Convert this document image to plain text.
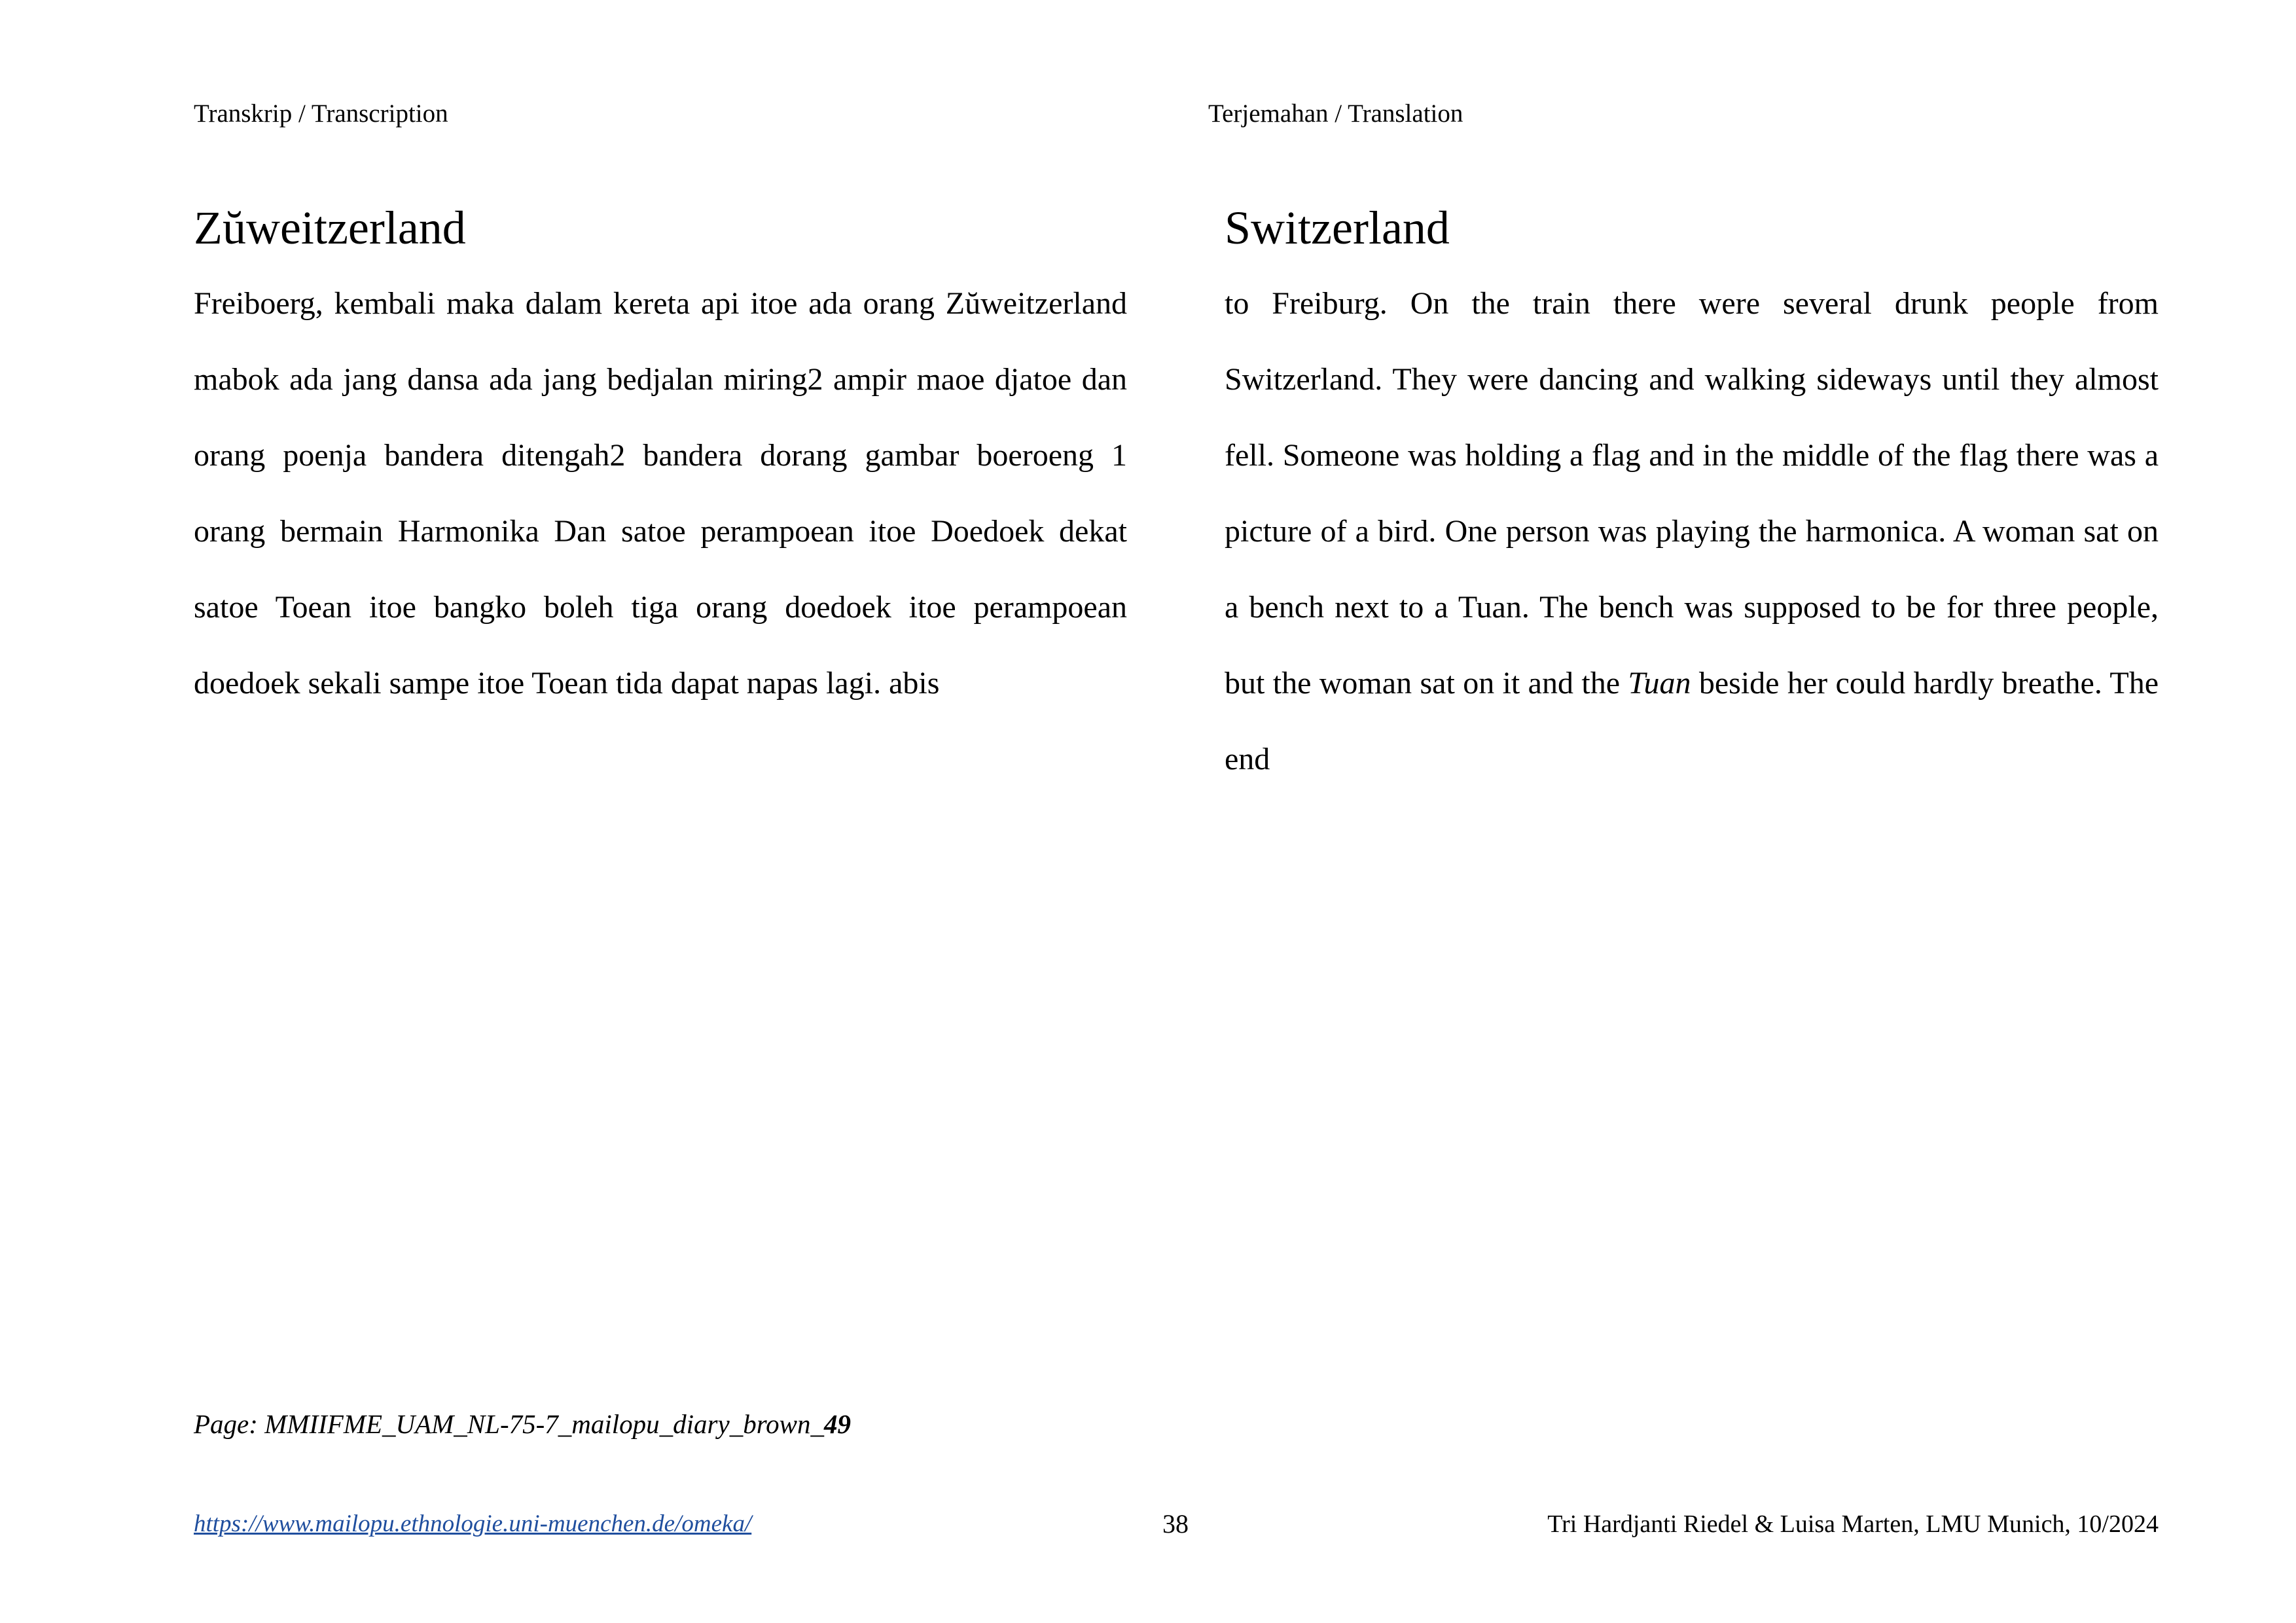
Transkrip / Transcription	Terjemahan / Translation
Zŭweitzerland

Freiboerg, kembali maka dalam kereta api itoe ada orang Zŭweitzerland mabok ada jang dansa ada jang bedjalan miring2 ampir maoe djatoe dan orang poenja bandera ditengah2 bandera dorang gambar boeroeng 1 orang bermain Harmonika Dan satoe perampoean itoe Doedoek dekat satoe Toean itoe bangko boleh tiga orang doedoek itoe perampoean doedoek sekali sampe itoe Toean tida dapat napas lagi. abis

Switzerland

to Freiburg. On the train there were several drunk people from Switzerland. They were dancing and walking sideways until they almost fell. Someone was holding a flag and in the middle of the flag there was a picture of a bird. One person was playing the harmonica. A woman sat on a bench next to a Tuan. The bench was supposed to be for three people, but the woman sat on it and the Tuan beside her could hardly breathe. The end

Page: MMIIFME_UAM_NL-75-7_mailopu_diary_brown_49
https://www.mailopu.ethnologie.uni-muenchen.de/omeka/	38	Tri Hardjanti Riedel & Luisa Marten, LMU Munich, 10/2024
